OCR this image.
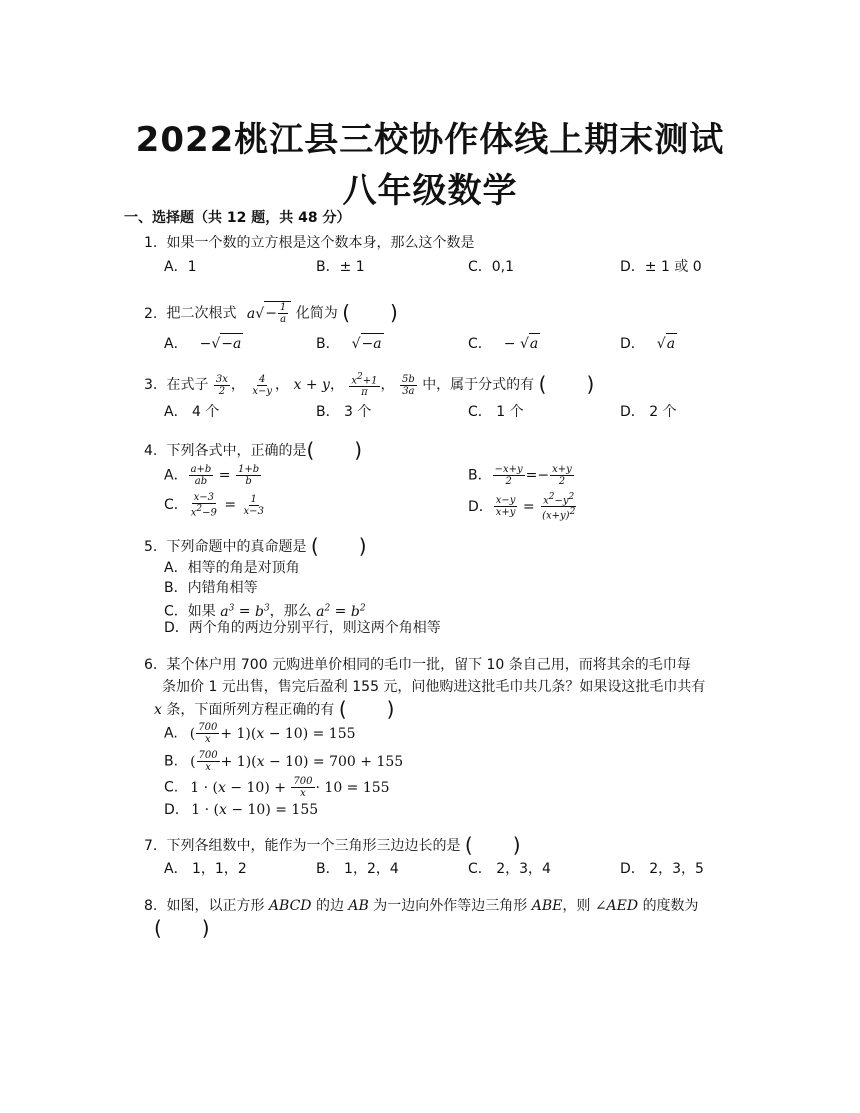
2022桃江县三校协作体线上期末测试
八年级数学
一、选择题（共 12 题，共 48 分）
1. 如果一个数的立方根是这个数本身，那么这个数是
A．1	B．± 1	C．0,1	D．± 1 或 0
2. 把二次根式 $a√- \frac{1}{a}$ 化简为 (　　)
A． −√−a	B． √−a	C． − √a	D． √a
3. 在式子 $\frac{3x}{2}$ ， $\frac{4}{x-y}$ ， x + y， $\frac{x^2+1}{\pi}$ ， $\frac{5b}{3a}$ 中，属于分式的有 (　　)
A． 4 个	B． 3 个	C． 1 个	D． 2 个
4. 下列各式中，正确的是(　　)
A． $\frac{a+b}{ab} = \frac{1+b}{b}$	B． $\frac{-x+y}{2} =- \frac{x+y}{2}$
C． $\frac{x-3}{x^2-9} = \frac{1}{x-3}$	D． $\frac{x-y}{x+y} = \frac{x^2-y^2}{(x+y)^2}$
5. 下列命题中的真命题是 (　　)
A．相等的角是对顶角
B．内错角相等
C．如果 $a^3 = b^3$，那么 $a^2 = b^2$
D．两个角的两边分别平行，则这两个角相等
6. 某个体户用 700 元购进单价相同的毛巾一批，留下 10 条自己用，而将其余的毛巾每
条加价 1 元出售，售完后盈利 155 元，问他购进这批毛巾共几条？如果设这批毛巾共有
x 条，下面所列方程正确的有 (　　)
A. ( $\frac{700}{x} + 1)(x - 10) = 155$
B. ( $\frac{700}{x} + 1)(x - 10) = 700 + 155$
C. $1 \cdot (x - 10) + \frac{700}{x} \cdot 10 = 155$
D. 1 · (x − 10) = 155
7. 下列各组数中，能作为一个三角形三边边长的是 (　　)
A． 1，1，2	B． 1，2，4	C． 2，3，4	D． 2，3，5
8. 如图，以正方形 ABCD 的边 AB 为一边向外作等边三角形 ABE，则 ∠AED 的度数为
(　　)
